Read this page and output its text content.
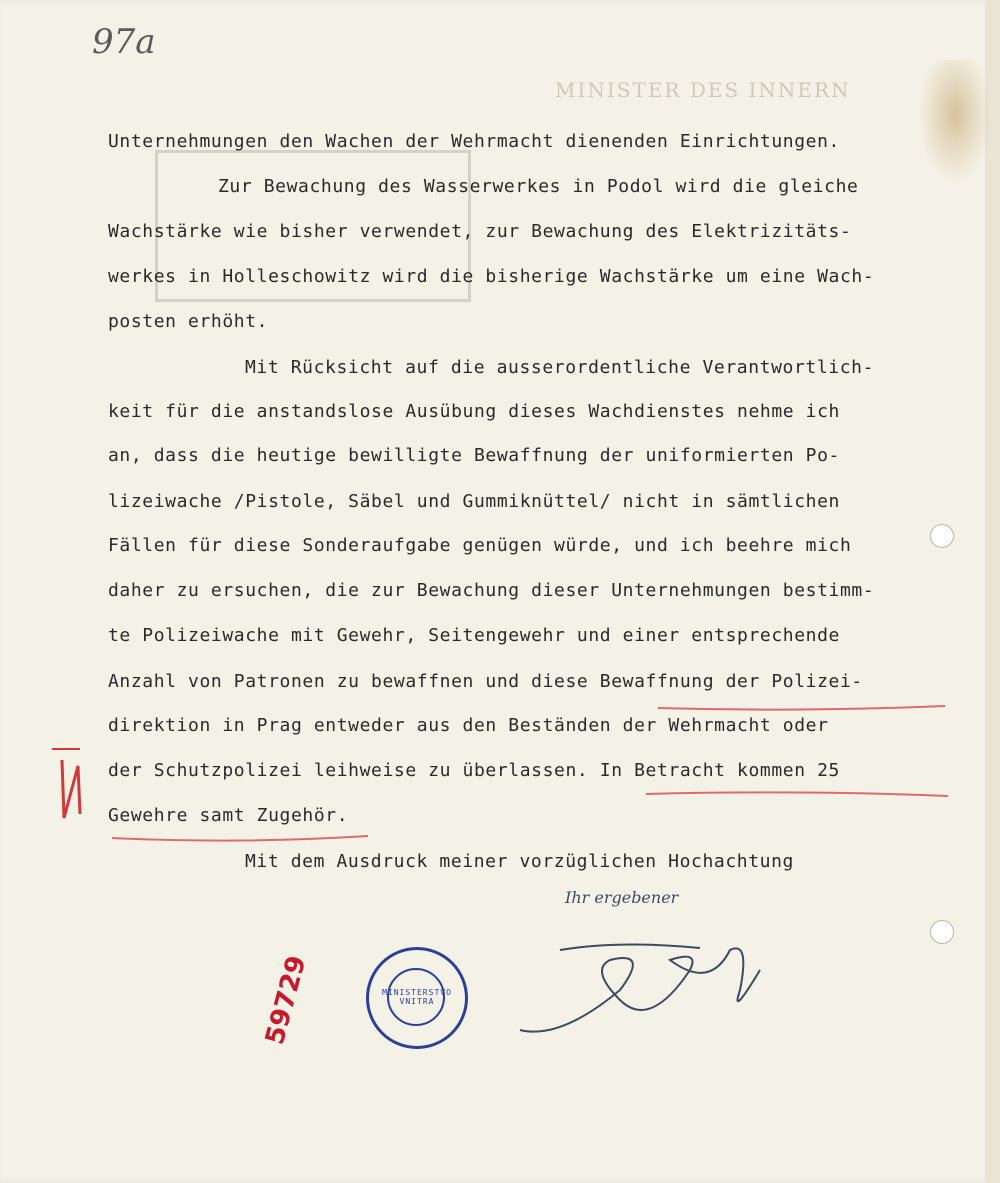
97a
MINISTER DES INNERN
Unternehmungen den Wachen der Wehrmacht dienenden Einrichtungen.
Zur Bewachung des Wasserwerkes in Podol wird die gleiche
Wachstärke wie bisher verwendet, zur Bewachung des Elektrizitäts-
werkes in Holleschowitz wird die bisherige Wachstärke um eine Wach-
posten erhöht.
Mit Rücksicht auf die ausserordentliche Verantwortlich-
keit für die anstandslose Ausübung dieses Wachdienstes nehme ich
an, dass die heutige bewilligte Bewaffnung der uniformierten Po-
lizeiwache /Pistole, Säbel und Gummiknüttel/ nicht in sämtlichen
Fällen für diese Sonderaufgabe genügen würde, und ich beehre mich
daher zu ersuchen, die zur Bewachung dieser Unternehmungen bestimm-
te Polizeiwache mit Gewehr, Seitengewehr und einer entsprechende
Anzahl von Patronen zu bewaffnen und diese Bewaffnung der Polizei-
direktion in Prag entweder aus den Beständen der Wehrmacht oder
der Schutzpolizei leihweise zu überlassen. In Betracht kommen 25
Gewehre samt Zugehör.
Mit dem Ausdruck meiner vorzüglichen Hochachtung
Ihr ergebener
MINISTERSTVO VNITRA
59729
